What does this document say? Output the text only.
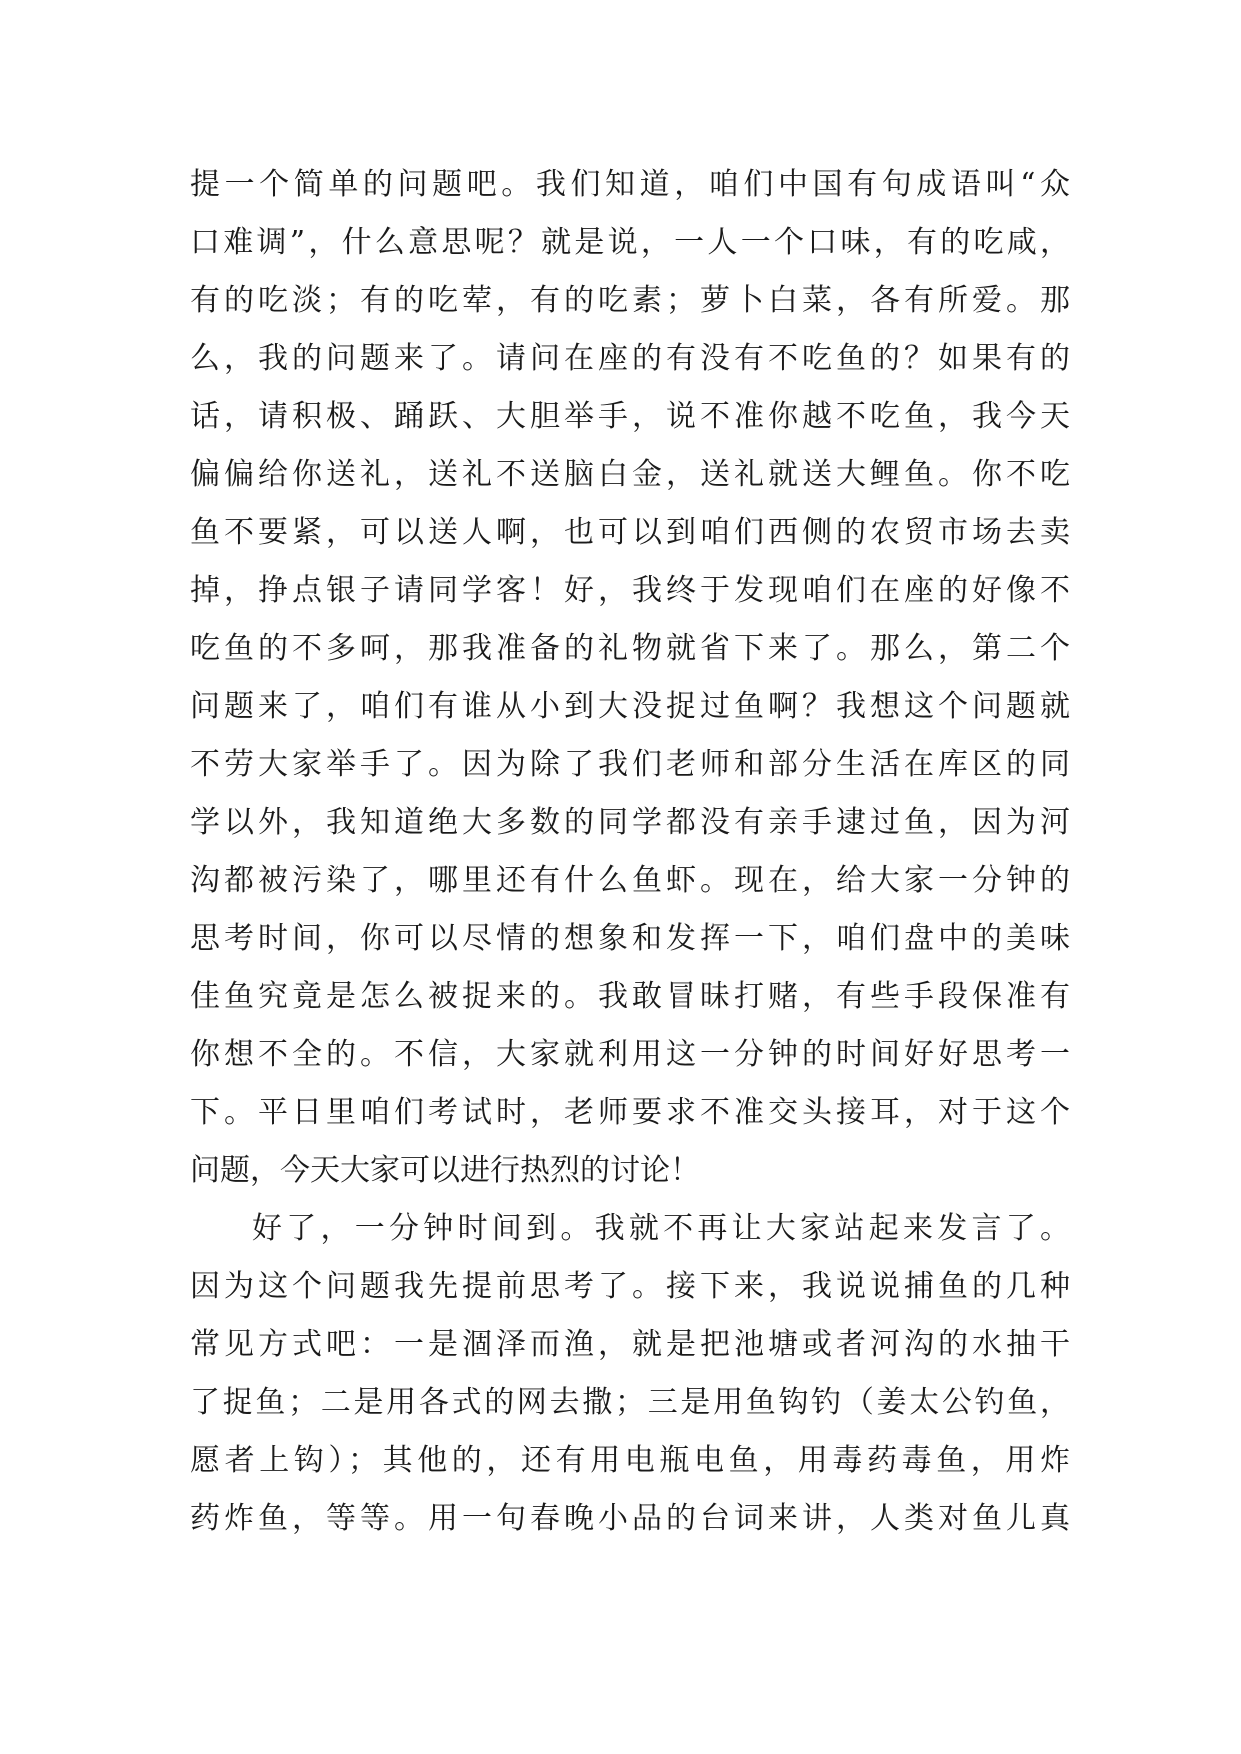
提一个简单的问题吧。我们知道，咱们中国有句成语叫“众
口难调”，什么意思呢？就是说，一人一个口味，有的吃咸，
有的吃淡；有的吃荤，有的吃素；萝卜白菜，各有所爱。那
么，我的问题来了。请问在座的有没有不吃鱼的？如果有的
话，请积极、踊跃、大胆举手，说不准你越不吃鱼，我今天
偏偏给你送礼，送礼不送脑白金，送礼就送大鲤鱼。你不吃
鱼不要紧，可以送人啊，也可以到咱们西侧的农贸市场去卖
掉，挣点银子请同学客！好，我终于发现咱们在座的好像不
吃鱼的不多呵，那我准备的礼物就省下来了。那么，第二个
问题来了，咱们有谁从小到大没捉过鱼啊？我想这个问题就
不劳大家举手了。因为除了我们老师和部分生活在库区的同
学以外，我知道绝大多数的同学都没有亲手逮过鱼，因为河
沟都被污染了，哪里还有什么鱼虾。现在，给大家一分钟的
思考时间，你可以尽情的想象和发挥一下，咱们盘中的美味
佳鱼究竟是怎么被捉来的。我敢冒昧打赌，有些手段保准有
你想不全的。不信，大家就利用这一分钟的时间好好思考一
下。平日里咱们考试时，老师要求不准交头接耳，对于这个
问题，今天大家可以进行热烈的讨论！
好了，一分钟时间到。我就不再让大家站起来发言了。
因为这个问题我先提前思考了。接下来，我说说捕鱼的几种
常见方式吧：一是涸泽而渔，就是把池塘或者河沟的水抽干
了捉鱼；二是用各式的网去撒；三是用鱼钩钓（姜太公钓鱼，
愿者上钩）；其他的，还有用电瓶电鱼，用毒药毒鱼，用炸
药炸鱼，等等。用一句春晚小品的台词来讲，人类对鱼儿真
